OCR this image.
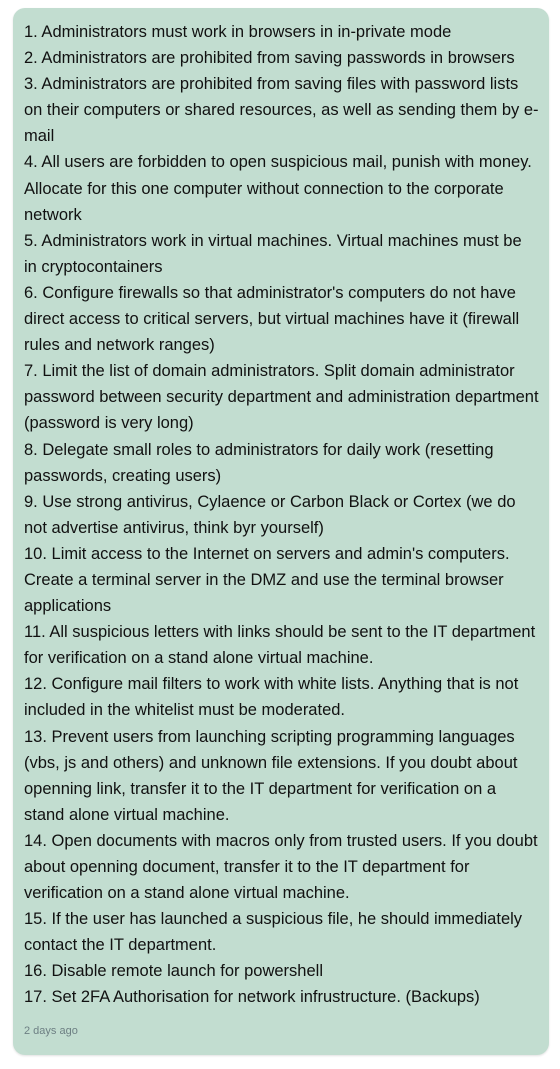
1. Administrators must work in browsers in in-private mode
2. Administrators are prohibited from saving passwords in browsers
3. Administrators are prohibited from saving files with password lists on their computers or shared resources, as well as sending them by e-mail
4. All users are forbidden to open suspicious mail, punish with money. Allocate for this one computer without connection to the corporate network
5. Administrators work in virtual machines. Virtual machines must be in cryptocontainers
6. Configure firewalls so that administrator's computers do not have direct access to critical servers, but virtual machines have it (firewall rules and network ranges)
7. Limit the list of domain administrators. Split domain administrator password between security department and administration department (password is very long)
8. Delegate small roles to administrators for daily work (resetting passwords, creating users)
9. Use strong antivirus, Cylaence or Carbon Black or Cortex (we do not advertise antivirus, think byr yourself)
10. Limit access to the Internet on servers and admin's computers. Create a terminal server in the DMZ and use the terminal browser applications
11. All suspicious letters with links should be sent to the IT department for verification on a stand alone virtual machine.
12. Configure mail filters to work with white lists. Anything that is not included in the whitelist must be moderated.
13. Prevent users from launching scripting programming languages (vbs, js and others) and unknown file extensions. If you doubt about openning link, transfer it to the IT department for verification on a stand alone virtual machine.
14. Open documents with macros only from trusted users. If you doubt about openning document, transfer it to the IT department for verification on a stand alone virtual machine.
15. If the user has launched a suspicious file, he should immediately contact the IT department.
16. Disable remote launch for powershell
17. Set 2FA Authorisation for network infrustructure. (Backups)
2 days ago
